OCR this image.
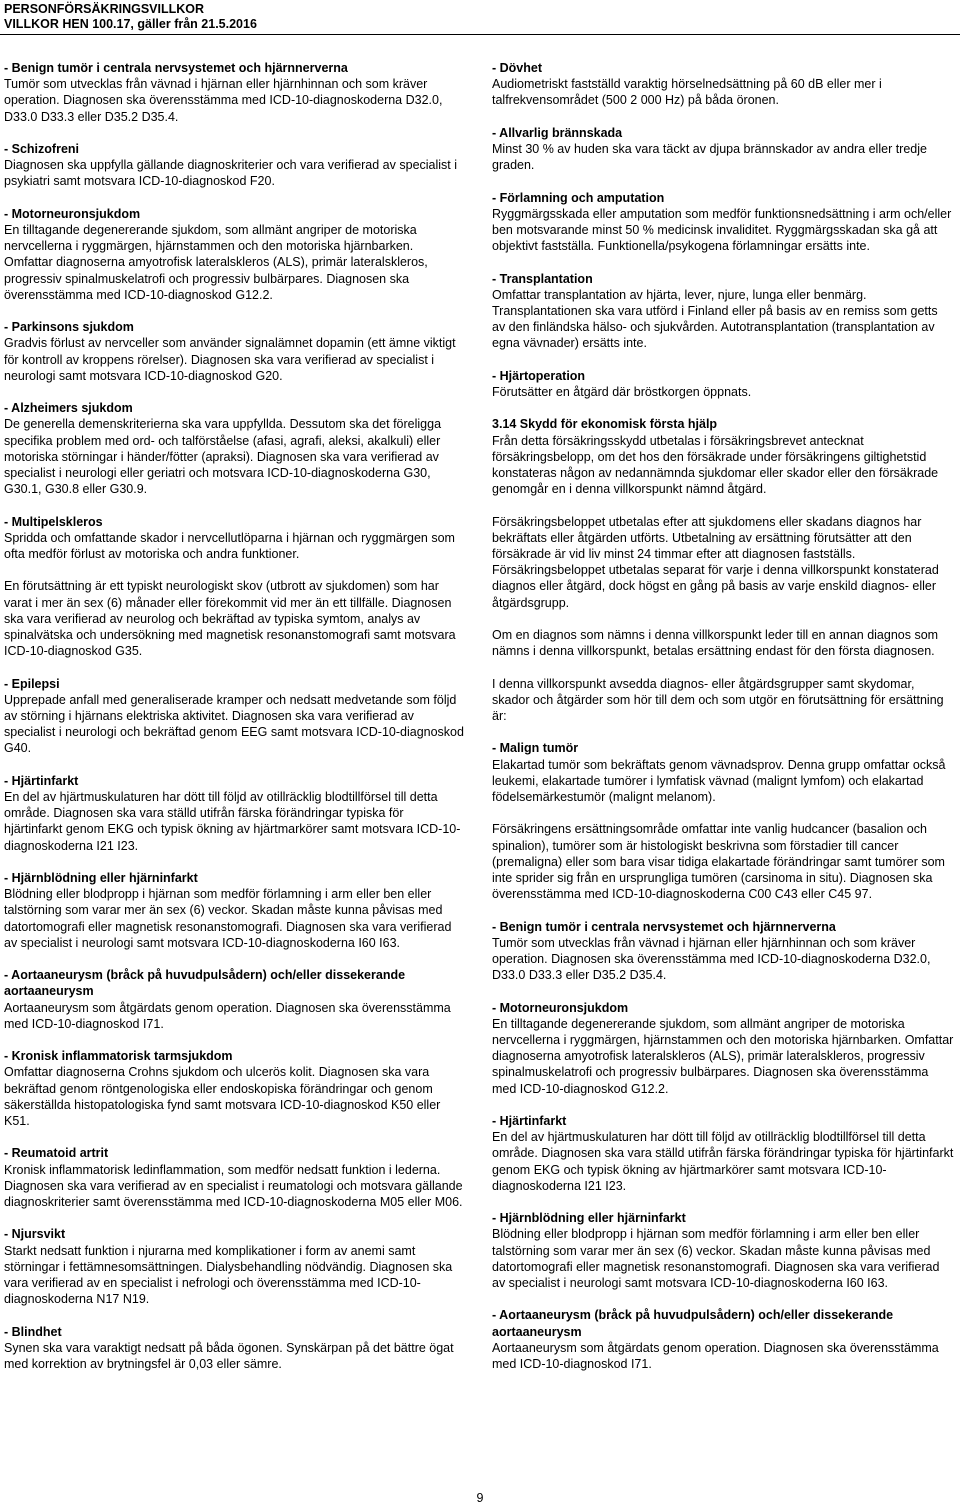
PERSONFÖRSÄKRINGSVILLKOR
VILLKOR HEN 100.17, gäller från 21.5.2016
- Benign tumör i centrala nervsystemet och hjärnnerverna
Tumör som utvecklas från vävnad i hjärnan eller hjärnhinnan och som kräver operation. Diagnosen ska överensstämma med ICD-10-diagnoskoderna D32.0, D33.0 D33.3 eller D35.2 D35.4.
- Schizofreni
Diagnosen ska uppfylla gällande diagnoskriterier och vara verifierad av specialist i psykiatri samt motsvara ICD-10-diagnoskod F20.
- Motorneuronsjukdom
En tilltagande degenererande sjukdom, som allmänt angriper de motoriska nervcellerna i ryggmärgen, hjärnstammen och den motoriska hjärnbarken. Omfattar diagnoserna amyotrofisk lateralskleros (ALS), primär lateralskleros, progressiv spinalmuskelatrofi och progressiv bulbärpares. Diagnosen ska överensstämma med ICD-10-diagnoskod G12.2.
- Parkinsons sjukdom
Gradvis förlust av nervceller som använder signalämnet dopamin (ett ämne viktigt för kontroll av kroppens rörelser). Diagnosen ska vara verifierad av specialist i neurologi samt motsvara ICD-10-diagnoskod G20.
- Alzheimers sjukdom
De generella demenskriterierna ska vara uppfyllda. Dessutom ska det föreligga specifika problem med ord- och talförståelse (afasi, agrafi, aleksi, akalkuli) eller motoriska störningar i händer/fötter (apraksi). Diagnosen ska vara verifierad av specialist i neurologi eller geriatri och motsvara ICD-10-diagnoskoderna G30, G30.1, G30.8 eller G30.9.
- Multipelskleros
Spridda och omfattande skador i nervcellutlöparna i hjärnan och ryggmärgen som ofta medför förlust av motoriska och andra funktioner.
En förutsättning är ett typiskt neurologiskt skov (utbrott av sjukdomen) som har varat i mer än sex (6) månader eller förekommit vid mer än ett tillfälle. Diagnosen ska vara verifierad av neurolog och bekräftad av typiska symtom, analys av spinalvätska och undersökning med magnetisk resonanstomografi samt motsvara ICD-10-diagnoskod G35.
- Epilepsi
Upprepade anfall med generaliserade kramper och nedsatt medvetande som följd av störning i hjärnans elektriska aktivitet. Diagnosen ska vara verifierad av specialist i neurologi och bekräftad genom EEG samt motsvara ICD-10-diagnoskod G40.
- Hjärtinfarkt
En del av hjärtmuskulaturen har dött till följd av otillräcklig blodtillförsel till detta område. Diagnosen ska vara ställd utifrån färska förändringar typiska för hjärtinfarkt genom EKG och typisk ökning av hjärtmarkörer samt motsvara ICD-10-diagnoskoderna I21 I23.
- Hjärnblödning eller hjärninfarkt
Blödning eller blodpropp i hjärnan som medför förlamning i arm eller ben eller talstörning som varar mer än sex (6) veckor. Skadan måste kunna påvisas med datortomografi eller magnetisk resonanstomografi. Diagnosen ska vara verifierad av specialist i neurologi samt motsvara ICD-10-diagnoskoderna I60 I63.
- Aortaaneurysm (bråck på huvudpulsådern) och/eller dissekerande aortaaneurysm
Aortaaneurysm som åtgärdats genom operation. Diagnosen ska överensstämma med ICD-10-diagnoskod I71.
- Kronisk inflammatorisk tarmsjukdom
Omfattar diagnoserna Crohns sjukdom och ulcerös kolit. Diagnosen ska vara bekräftad genom röntgenologiska eller endoskopiska förändringar och genom säkerställda histopatologiska fynd samt motsvara ICD-10-diagnoskod K50 eller K51.
- Reumatoid artrit
Kronisk inflammatorisk ledinflammation, som medför nedsatt funktion i lederna. Diagnosen ska vara verifierad av en specialist i reumatologi och motsvara gällande diagnoskriterier samt överensstämma med ICD-10-diagnoskoderna M05 eller M06.
- Njursvikt
Starkt nedsatt funktion i njurarna med komplikationer i form av anemi samt störningar i fettämnesomsättningen. Dialysbehandling nödvändig. Diagnosen ska vara verifierad av en specialist i nefrologi och överensstämma med ICD-10-diagnoskoderna N17 N19.
- Blindhet
Synen ska vara varaktigt nedsatt på båda ögonen. Synskärpan på det bättre ögat med korrektion av brytningsfel är 0,03 eller sämre.
- Dövhet
Audiometriskt fastställd varaktig hörselnedsättning på 60 dB eller mer i talfrekvensområdet (500 2 000 Hz) på båda öronen.
- Allvarlig brännskada
Minst 30 % av huden ska vara täckt av djupa brännskador av andra eller tredje graden.
- Förlamning och amputation
Ryggmärgsskada eller amputation som medför funktionsnedsättning i arm och/eller ben motsvarande minst 50 % medicinsk invaliditet. Ryggmärgsskadan ska gå att objektivt fastställa. Funktionella/psykogena förlamningar ersätts inte.
- Transplantation
Omfattar transplantation av hjärta, lever, njure, lunga eller benmärg. Transplantationen ska vara utförd i Finland eller på basis av en remiss som getts av den finländska hälso- och sjukvården. Autotransplantation (transplantation av egna vävnader) ersätts inte.
- Hjärtoperation
Förutsätter en åtgärd där bröstkorgen öppnats.
3.14 Skydd för ekonomisk första hjälp
Från detta försäkringsskydd utbetalas i försäkringsbrevet antecknat försäkringsbelopp, om det hos den försäkrade under försäkringens giltighetstid konstateras någon av nedannämnda sjukdomar eller skador eller den försäkrade genomgår en i denna villkorspunkt nämnd åtgärd.
Försäkringsbeloppet utbetalas efter att sjukdomens eller skadans diagnos har bekräftats eller åtgärden utförts. Utbetalning av ersättning förutsätter att den försäkrade är vid liv minst 24 timmar efter att diagnosen fastställs. Försäkringsbeloppet utbetalas separat för varje i denna villkorspunkt konstaterad diagnos eller åtgärd, dock högst en gång på basis av varje enskild diagnos- eller åtgärdsgrupp.
Om en diagnos som nämns i denna villkorspunkt leder till en annan diagnos som nämns i denna villkorspunkt, betalas ersättning endast för den första diagnosen.
I denna villkorspunkt avsedda diagnos- eller åtgärdsgrupper samt skydomar, skador och åtgärder som hör till dem och som utgör en förutsättning för ersättning är:
- Malign tumör
Elakartad tumör som bekräftats genom vävnadsprov. Denna grupp omfattar också leukemi, elakartade tumörer i lymfatisk vävnad (malignt lymfom) och elakartad födelsemärkestumör (malignt melanom).
Försäkringens ersättningsområde omfattar inte vanlig hudcancer (basalion och spinalion), tumörer som är histologiskt beskrivna som förstadier till cancer (premaligna) eller som bara visar tidiga elakartade förändringar samt tumörer som inte sprider sig från en ursprungliga tumören (carsinoma in situ). Diagnosen ska överensstämma med ICD-10-diagnoskoderna C00 C43 eller C45 97.
- Benign tumör i centrala nervsystemet och hjärnnerverna
Tumör som utvecklas från vävnad i hjärnan eller hjärnhinnan och som kräver operation. Diagnosen ska överensstämma med ICD-10-diagnoskoderna D32.0, D33.0 D33.3 eller D35.2 D35.4.
- Motorneuronsjukdom
En tilltagande degenererande sjukdom, som allmänt angriper de motoriska nervcellerna i ryggmärgen, hjärnstammen och den motoriska hjärnbarken. Omfattar diagnoserna amyotrofisk lateralskleros (ALS), primär lateralskleros, progressiv spinalmuskelatrofi och progressiv bulbärpares. Diagnosen ska överensstämma med ICD-10-diagnoskod G12.2.
- Hjärtinfarkt
En del av hjärtmuskulaturen har dött till följd av otillräcklig blodtillförsel till detta område. Diagnosen ska vara ställd utifrån färska förändringar typiska för hjärtinfarkt genom EKG och typisk ökning av hjärtmarkörer samt motsvara ICD-10-diagnoskoderna I21 I23.
- Hjärnblödning eller hjärninfarkt
Blödning eller blodpropp i hjärnan som medför förlamning i arm eller ben eller talstörning som varar mer än sex (6) veckor. Skadan måste kunna påvisas med datortomografi eller magnetisk resonanstomografi. Diagnosen ska vara verifierad av specialist i neurologi samt motsvara ICD-10-diagnoskoderna I60 I63.
- Aortaaneurysm (bråck på huvudpulsådern) och/eller dissekerande aortaaneurysm
Aortaaneurysm som åtgärdats genom operation. Diagnosen ska överensstämma med ICD-10-diagnoskod I71.
9
